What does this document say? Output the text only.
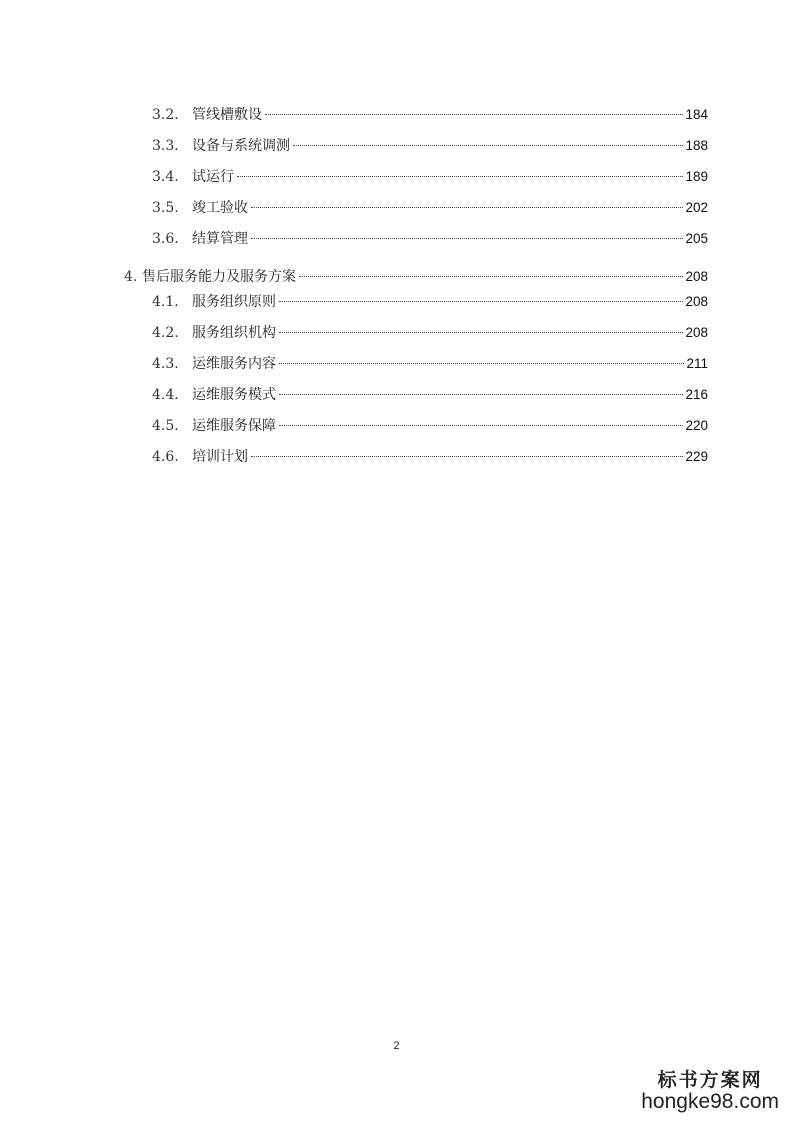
3.2. 管线槽敷设	184
3.3. 设备与系统调测	188
3.4. 试运行	189
3.5. 竣工验收	202
3.6. 结算管理	205
4. 售后服务能力及服务方案	208
4.1. 服务组织原则	208
4.2. 服务组织机构	208
4.3. 运维服务内容	211
4.4. 运维服务模式	216
4.5. 运维服务保障	220
4.6. 培训计划	229
2
标书方案网
hongke98.com
